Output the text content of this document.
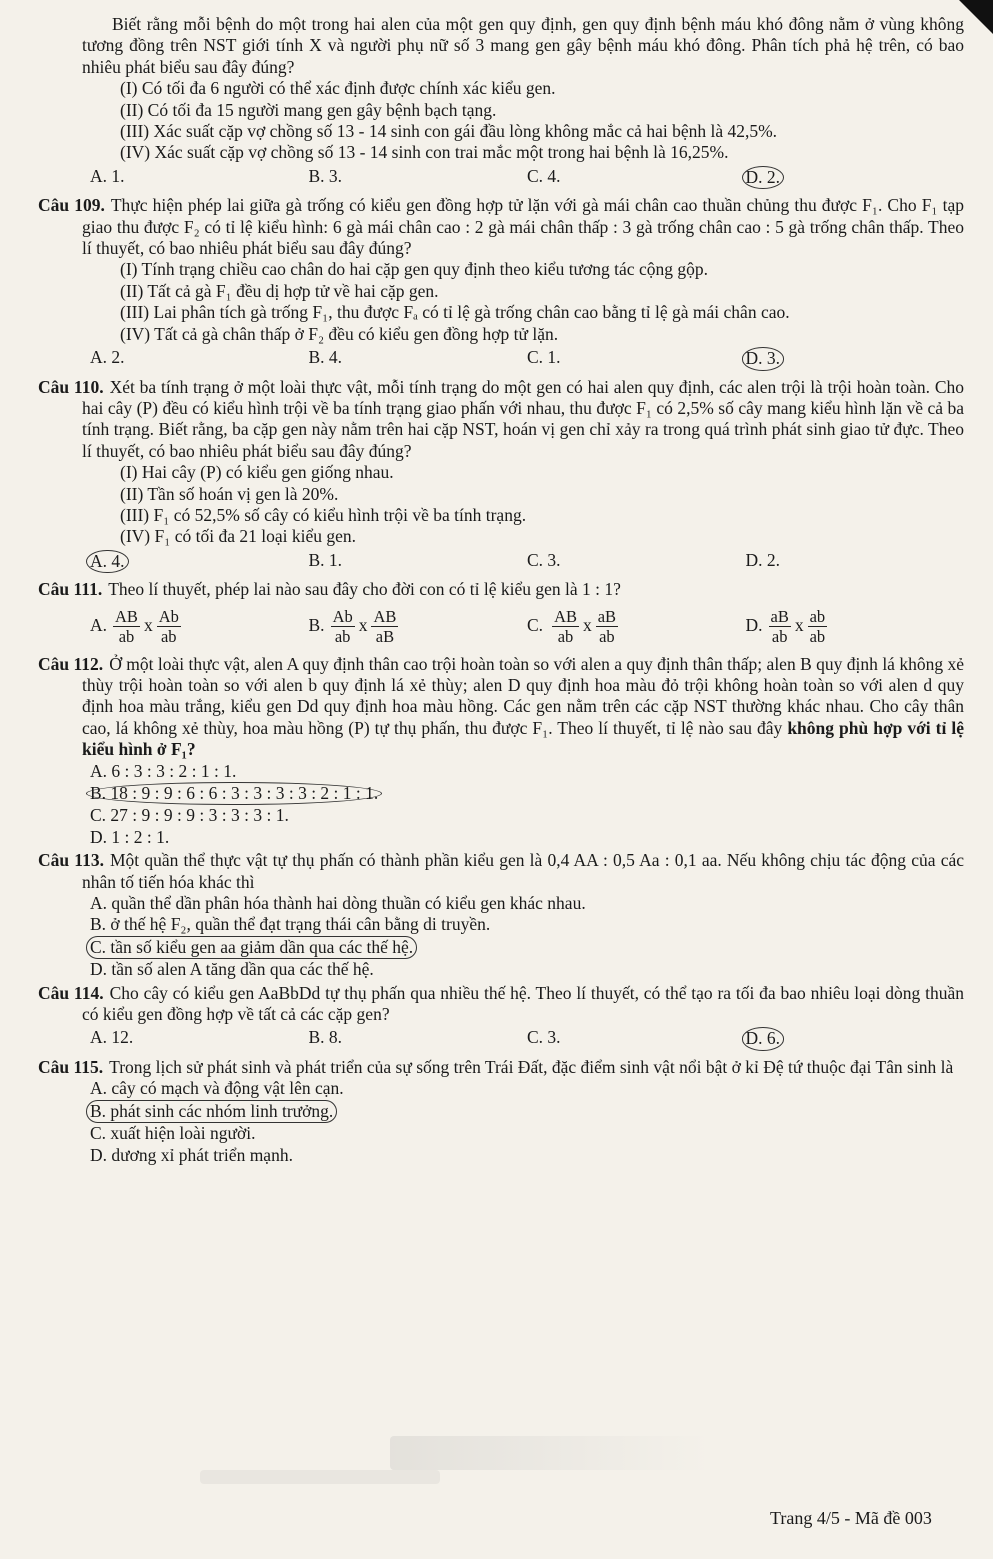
Biết rằng mỗi bệnh do một trong hai alen của một gen quy định, gen quy định bệnh máu khó đông nằm ở vùng không tương đồng trên NST giới tính X và người phụ nữ số 3 mang gen gây bệnh máu khó đông. Phân tích phả hệ trên, có bao nhiêu phát biểu sau đây đúng?

(I) Có tối đa 6 người có thể xác định được chính xác kiểu gen.

(II) Có tối đa 15 người mang gen gây bệnh bạch tạng.

(III) Xác suất cặp vợ chồng số 13 - 14 sinh con gái đầu lòng không mắc cả hai bệnh là 42,5%.

(IV) Xác suất cặp vợ chồng số 13 - 14 sinh con trai mắc một trong hai bệnh là 16,25%.

A. 1.	B. 3.	C. 4.	D. 2.

Câu 109. Thực hiện phép lai giữa gà trống có kiểu gen đồng hợp tử lặn với gà mái chân cao thuần chủng thu được F₁. Cho F₁ tạp giao thu được F₂ có tỉ lệ kiểu hình: 6 gà mái chân cao : 2 gà mái chân thấp : 3 gà trống chân cao : 5 gà trống chân thấp. Theo lí thuyết, có bao nhiêu phát biểu sau đây đúng?

(I) Tính trạng chiều cao chân do hai cặp gen quy định theo kiểu tương tác cộng gộp.

(II) Tất cả gà F₁ đều dị hợp tử về hai cặp gen.

(III) Lai phân tích gà trống F₁, thu được Fₐ có tỉ lệ gà trống chân cao bằng tỉ lệ gà mái chân cao.

(IV) Tất cả gà chân thấp ở F₂ đều có kiểu gen đồng hợp tử lặn.

A. 2.	B. 4.	C. 1.	D. 3.

Câu 110. Xét ba tính trạng ở một loài thực vật, mỗi tính trạng do một gen có hai alen quy định, các alen trội là trội hoàn toàn. Cho hai cây (P) đều có kiểu hình trội về ba tính trạng giao phấn với nhau, thu được F₁ có 2,5% số cây mang kiểu hình lặn về cả ba tính trạng. Biết rằng, ba cặp gen này nằm trên hai cặp NST, hoán vị gen chỉ xảy ra trong quá trình phát sinh giao tử đực. Theo lí thuyết, có bao nhiêu phát biểu sau đây đúng?

(I) Hai cây (P) có kiểu gen giống nhau.

(II) Tần số hoán vị gen là 20%.

(III) F₁ có 52,5% số cây có kiểu hình trội về ba tính trạng.

(IV) F₁ có tối đa 21 loại kiểu gen.

A. 4.	B. 1.	C. 3.	D. 2.

Câu 111. Theo lí thuyết, phép lai nào sau đây cho đời con có tỉ lệ kiểu gen là 1 : 1?

A. $\frac{AB}{ab}$ x $\frac{Ab}{ab}$	B. $\frac{Ab}{ab}$ x $\frac{AB}{aB}$	C. $\frac{AB}{ab}$ x $\frac{aB}{ab}$	D. $\frac{aB}{ab}$ x $\frac{ab}{ab}$

Câu 112. Ở một loài thực vật, alen A quy định thân cao trội hoàn toàn so với alen a quy định thân thấp; alen B quy định lá không xẻ thùy trội hoàn toàn so với alen b quy định lá xẻ thùy; alen D quy định hoa màu đỏ trội không hoàn toàn so với alen d quy định hoa màu trắng, kiểu gen Dd quy định hoa màu hồng. Các gen nằm trên các cặp NST thường khác nhau. Cho cây thân cao, lá không xẻ thùy, hoa màu hồng (P) tự thụ phấn, thu được F₁. Theo lí thuyết, tỉ lệ nào sau đây không phù hợp với tỉ lệ kiểu hình ở F₁?

A. 6 : 3 : 3 : 2 : 1 : 1.
B. 18 : 9 : 9 : 6 : 6 : 3 : 3 : 3 : 3 : 2 : 1 : 1.
C. 27 : 9 : 9 : 9 : 3 : 3 : 3 : 1.
D. 1 : 2 : 1.

Câu 113. Một quần thể thực vật tự thụ phấn có thành phần kiểu gen là 0,4 AA : 0,5 Aa : 0,1 aa. Nếu không chịu tác động của các nhân tố tiến hóa khác thì

A. quần thể dần phân hóa thành hai dòng thuần có kiểu gen khác nhau.

B. ở thế hệ F₂, quần thể đạt trạng thái cân bằng di truyền.

C. tần số kiểu gen aa giảm dần qua các thế hệ.

D. tần số alen A tăng dần qua các thế hệ.

Câu 114. Cho cây có kiểu gen AaBbDd tự thụ phấn qua nhiều thế hệ. Theo lí thuyết, có thể tạo ra tối đa bao nhiêu loại dòng thuần có kiểu gen đồng hợp về tất cả các cặp gen?

A. 12.	B. 8.	C. 3.	D. 6.

Câu 115. Trong lịch sử phát sinh và phát triển của sự sống trên Trái Đất, đặc điểm sinh vật nổi bật ở kỉ Đệ tứ thuộc đại Tân sinh là

A. cây có mạch và động vật lên cạn.
B. phát sinh các nhóm linh trưởng.
C. xuất hiện loài người.
D. dương xỉ phát triển mạnh.
Trang 4/5 - Mã đề 003
